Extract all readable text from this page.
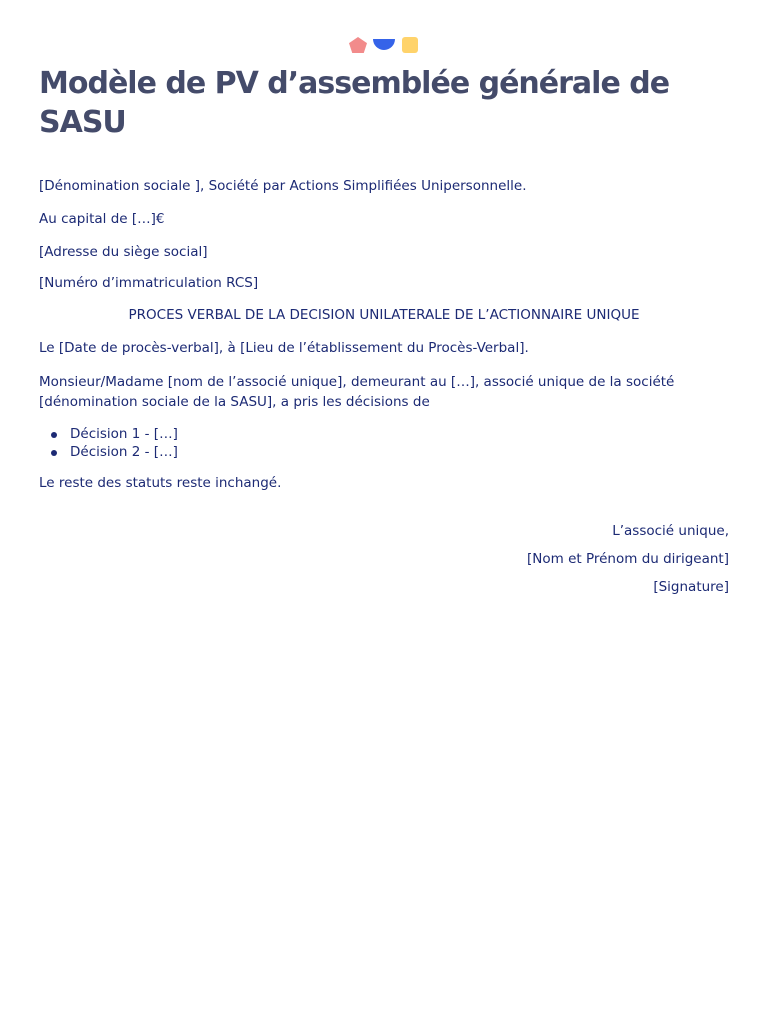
Modèle de PV d’assemblée générale de SASU

[Dénomination sociale ], Société par Actions Simplifiées Unipersonnelle.

Au capital de […]€

[Adresse du siège social]

[Numéro d’immatriculation RCS]

PROCES VERBAL DE LA DECISION UNILATERALE DE L’ACTIONNAIRE UNIQUE

Le [Date de procès-verbal], à [Lieu de l’établissement du Procès-Verbal].

Monsieur/Madame [nom de l’associé unique], demeurant au […], associé unique de la société [dénomination sociale de la SASU], a pris les décisions de

Décision 1 - […]
Décision 2 - […]

Le reste des statuts reste inchangé.

L’associé unique,

[Nom et Prénom du dirigeant]

[Signature]
